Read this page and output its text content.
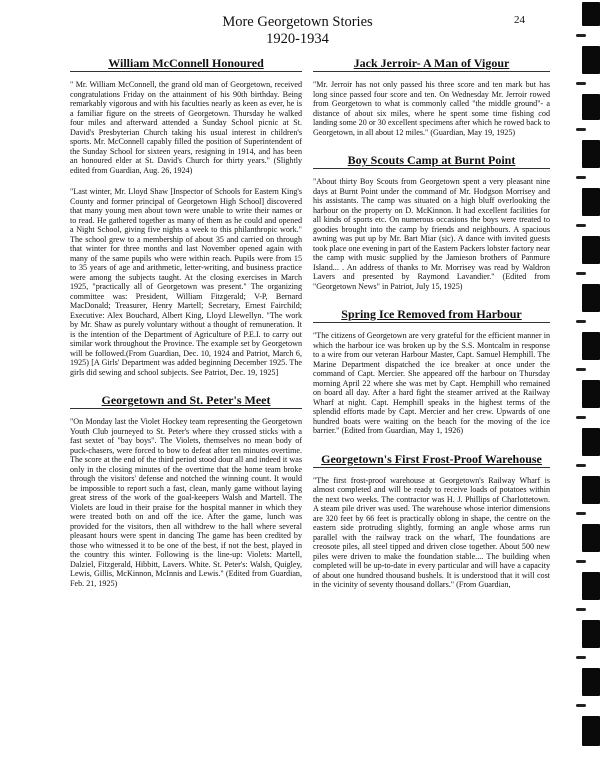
24
More Georgetown Stories
1920-1934
William McConnell Honoured

" Mr. William McConnell, the grand old man of Georgetown, received congratulations Friday on the attainment of his 90th birthday. Being remarkably vigorous and with his faculties nearly as keen as ever, he is a familiar figure on the streets of Georgetown. Thursday he walked four miles and afterward attended a Sunday School picnic at St. David's Presbyterian Church taking his usual interest in children's sports. Mr. McConnell capably filled the position of Superintendent of the Sunday School for sixteen years, resigning in 1914, and has been an honoured elder at St. David's Church for thirty years." (Slightly edited from Guardian, Aug. 26, 1924)

"Last winter, Mr. Lloyd Shaw [Inspector of Schools for Eastern King's County and former principal of Georgetown High School] discovered that many young men about town were unable to write their names or to read. He gathered together as many of them as he could and opened a Night School, giving five nights a week to this philanthropic work." The school grew to a membership of about 35 and carried on through that winter for three months and last November opened again with many of the same pupils who were within reach. Pupils were from 15 to 35 years of age and arithmetic, letter-writing, and business practice were among the subjects taught. At the closing exercises in March 1925, "practically all of Georgetown was present." The organizing committee was: President, William Fitzgerald; V-P, Bernard MacDonald; Treasurer, Henry Martell; Secretary, Ernest Fairchild; Executive: Alex Bouchard, Albert King, Lloyd Llewellyn. "The work by Mr. Shaw as purely voluntary without a thought of remuneration. It is the intention of the Department of Agriculture of P.E.I. to carry out similar work throughout the Province. The example set by Georgetown will be followed.(From Guardian, Dec. 10, 1924 and Patriot, March 6, 1925) [A Girls' Department was added beginning December 1925. The girls did sewing and school subjects. See Patriot, Dec. 19, 1925]

Georgetown and St. Peter's Meet

"On Monday last the Violet Hockey team representing the Georgetown Youth Club journeyed to St. Peter's where they crossed sticks with a fast sextet of "bay boys". The Violets, themselves no mean body of puck-chasers, were forced to bow to defeat after ten minutes overtime. The score at the end of the third period stood dour all and indeed it was only in the closing minutes of the overtime that the home team broke through the visitors' defense and notched the winning count. It would be impossible to report such a fast, clean, manly game without laying great stress of the work of the goal-keepers Walsh and Martell. The Violets are loud in their praise for the hospital manner in which they were treated both on and off the ice. After the game, lunch was provided for the visitors, then all withdrew to the hall where several pleasant hours were spent in dancing The game has been credited by those who witnessed it to be one of the best, if not the best, played in the country this winter. Following is the line-up: Violets: Martell, Dalziel, Fitzgerald, Hibbitt, Lavers. White. St. Peter's: Walsh, Quigley, Lewis, Gillis, McKinnon, McInnis and Lewis." (Edited from Guardian, Feb. 21, 1925)

Jack Jerroir- A Man of Vigour

"Mr. Jerroir has not only passed his three score and ten mark but has long since passed four score and ten. On Wednesday Mr. Jerroir rowed from Georgetown to what is commonly called "the middle ground"- a distance of about six miles, where he spent some time fishing cod landing some 20 or 30 excellent specimens after which he rowed back to Georgetown, in all about 12 miles." (Guardian, May 19, 1925)

Boy Scouts Camp at Burnt Point

"About thirty Boy Scouts from Georgetown spent a very pleasant nine days at Burnt Point under the command of Mr. Hodgson Morrisey and his assistants. The camp was situated on a high bluff overlooking the harbour on the property on D. McKinnon. It had excellent facilities for all kinds of sports etc. On numerous occasions the boys were treated to goodies brought into the camp by friends and neighbours. A spacious awning was put up by Mr. Bart Miar (sic). A dance with invited guests took place one evening in part of the Eastern Packers lobster factory near the camp with music supplied by the Jamieson brothers of Panmure Island... . An address of thanks to Mr. Morrisey was read by Waldron Lavers and presented by Raymond Lavandier." (Edited from "Georgetown News" in Patriot, July 15, 1925)

Spring Ice Removed from Harbour

"The citizens of Georgetown are very grateful for the efficient manner in which the harbour ice was broken up by the S.S. Montcalm in response to a wire from our veteran Harbour Master, Capt. Samuel Hemphill. The Marine Department dispatched the ice breaker at once under the command of Capt. Mercier. She appeared off the harbour on Thursday morning April 22 where she was met by Capt. Hemphill who remained on board all day. After a hard fight the steamer arrived at the Railway Wharf at night. Capt. Hemphill speaks in the highest terms of the splendid efforts made by Capt. Mercier and her crew. Upwards of one hundred boats were waiting on the beach for the moving of the ice barrier." (Edited from Guardian, May 1, 1926)

Georgetown's First Frost-Proof Warehouse

"The first frost-proof warehouse at Georgetown's Railway Wharf is almost completed and will be ready to receive loads of potatoes within the next two weeks. The contractor was H. J. Phillips of Charlottetown. A steam pile driver was used. The warehouse whose interior dimensions are 320 feet by 66 feet is practically oblong in shape, the centre on the eastern side protruding slightly, forming an angle whose arms run parallel with the railway track on the wharf, The foundations are creosote piles, all steel tipped and driven close together. About 500 new piles were driven to make the foundation stable.... The building when completed will be up-to-date in every particular and will have a capacity of about one hundred thousand bushels. It is understood that it will cost in the vicinity of seventy thousand dollars." (From Guardian,
